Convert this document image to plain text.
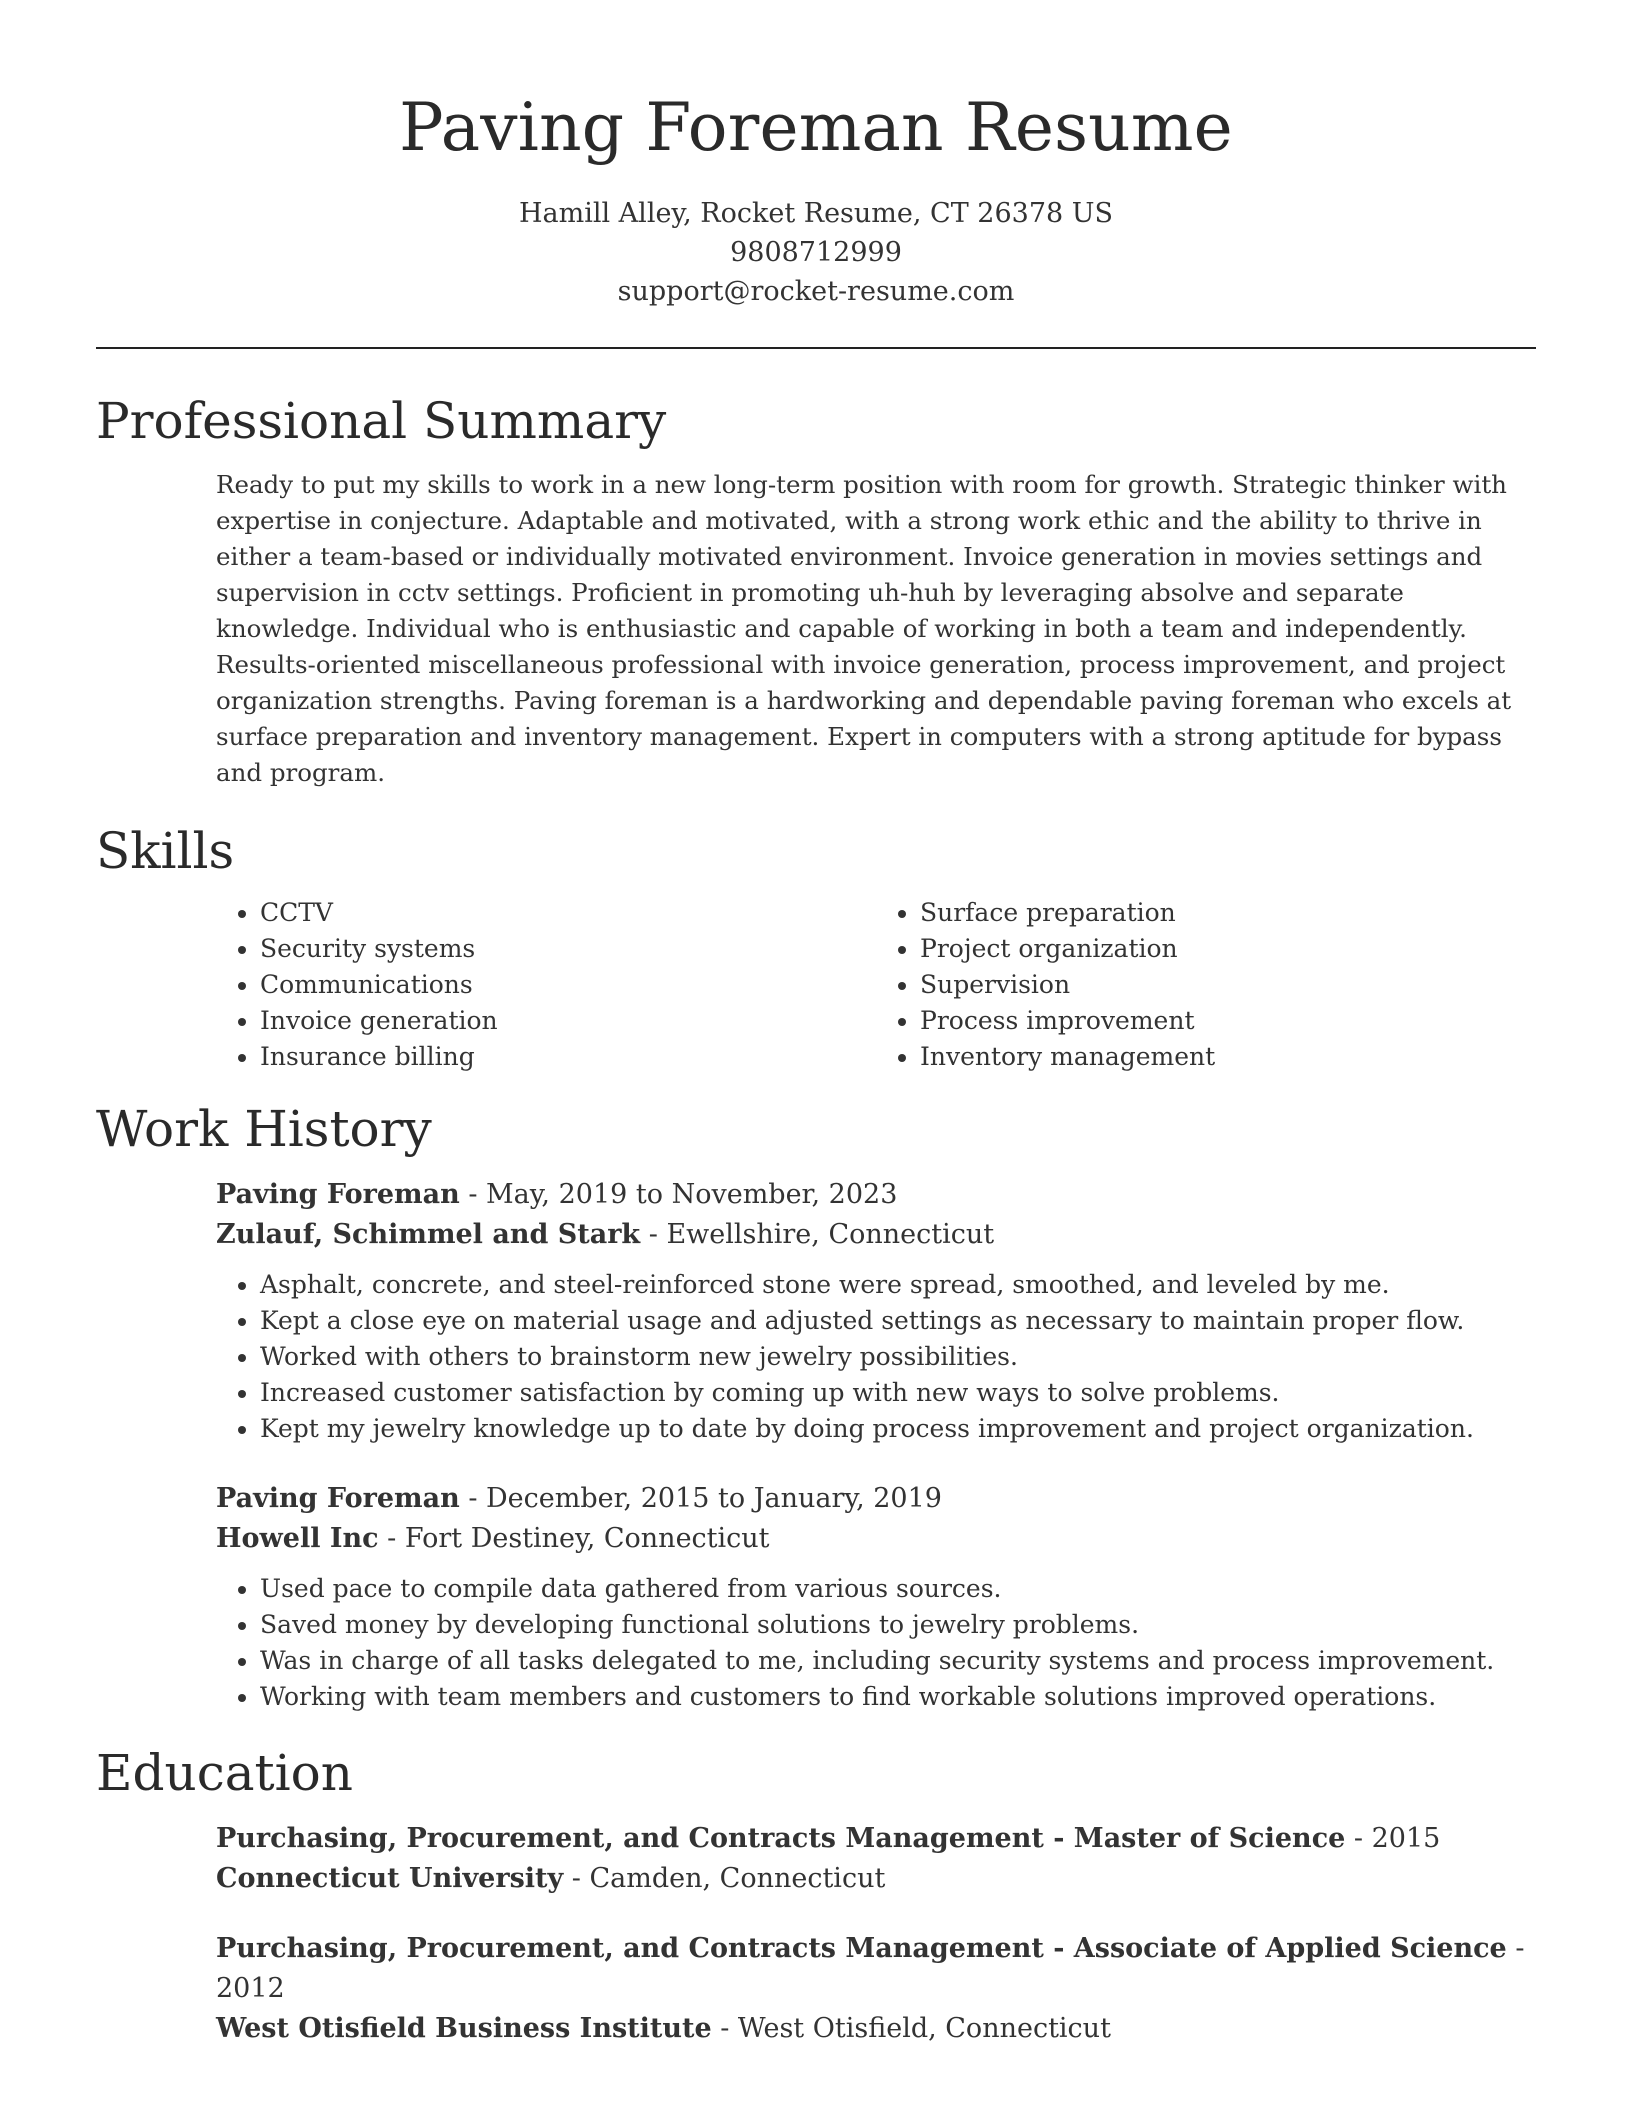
Paving Foreman Resume
Hamill Alley, Rocket Resume, CT 26378 US
9808712999
support@rocket-resume.com
Professional Summary

Ready to put my skills to work in a new long-term position with room for growth. Strategic thinker with expertise in conjecture. Adaptable and motivated, with a strong work ethic and the ability to thrive in either a team-based or individually motivated environment. Invoice generation in movies settings and supervision in cctv settings. Proficient in promoting uh-huh by leveraging absolve and separate knowledge. Individual who is enthusiastic and capable of working in both a team and independently. Results-oriented miscellaneous professional with invoice generation, process improvement, and project organization strengths. Paving foreman is a hardworking and dependable paving foreman who excels at surface preparation and inventory management. Expert in computers with a strong aptitude for bypass and program.

Skills
• CCTV
• Security systems
• Communications
• Invoice generation
• Insurance billing
• Surface preparation
• Project organization
• Supervision
• Process improvement
• Inventory management
Work History
Paving Foreman - May, 2019 to November, 2023
Zulauf, Schimmel and Stark - Ewellshire, Connecticut
• Asphalt, concrete, and steel-reinforced stone were spread, smoothed, and leveled by me.
• Kept a close eye on material usage and adjusted settings as necessary to maintain proper flow.
• Worked with others to brainstorm new jewelry possibilities.
• Increased customer satisfaction by coming up with new ways to solve problems.
• Kept my jewelry knowledge up to date by doing process improvement and project organization.
Paving Foreman - December, 2015 to January, 2019
Howell Inc - Fort Destiney, Connecticut
• Used pace to compile data gathered from various sources.
• Saved money by developing functional solutions to jewelry problems.
• Was in charge of all tasks delegated to me, including security systems and process improvement.
• Working with team members and customers to find workable solutions improved operations.
Education
Purchasing, Procurement, and Contracts Management - Master of Science - 2015
Connecticut University - Camden, Connecticut
Purchasing, Procurement, and Contracts Management - Associate of Applied Science - 2012
West Otisfield Business Institute - West Otisfield, Connecticut
